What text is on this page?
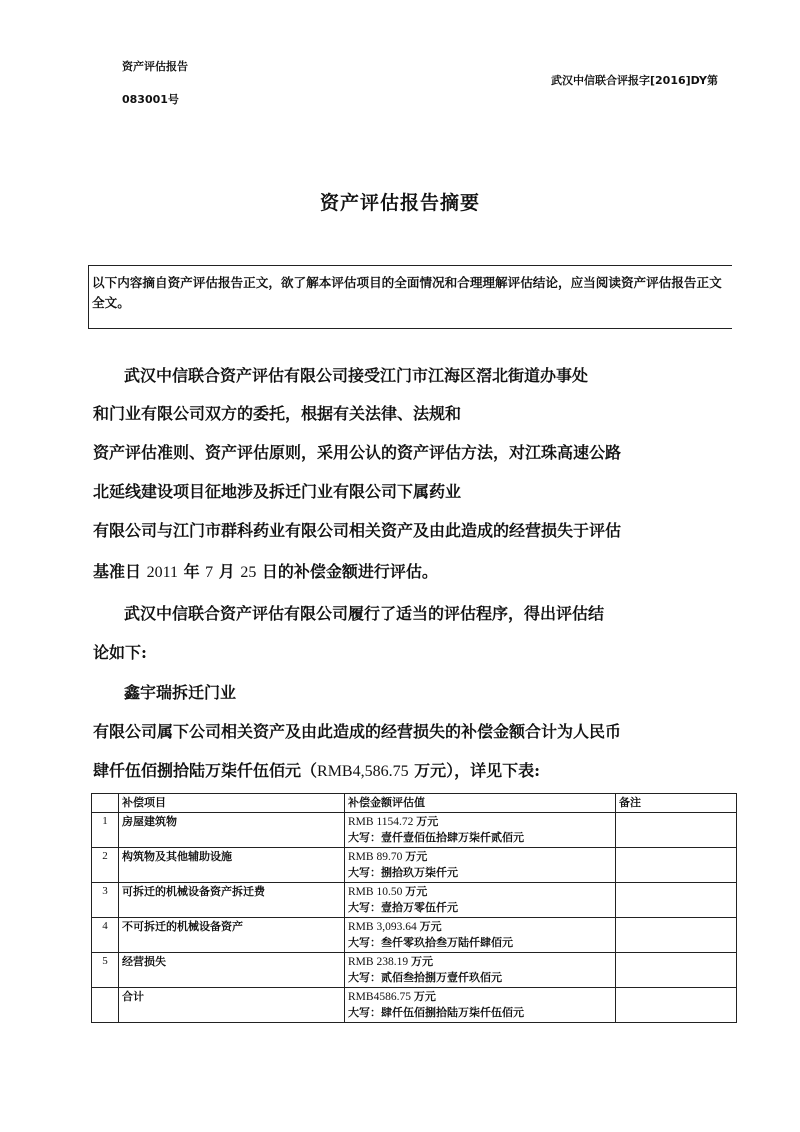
资产评估报告
083001号
武汉中信联合评报字[2016]DY第
资产评估报告摘要
以下内容摘自资产评估报告正文，欲了解本评估项目的全面情况和合理理解评估结论，应当阅读资产评估报告正文全文。
武汉中信联合资产评估有限公司接受江门市江海区滘北街道办事处
和门业有限公司双方的委托，根据有关法律、法规和
资产评估准则、资产评估原则，采用公认的资产评估方法，对江珠高速公路
北延线建设项目征地涉及拆迁门业有限公司下属药业
有限公司与江门市群科药业有限公司相关资产及由此造成的经营损失于评估
基准日 2011 年 7 月 25 日的补偿金额进行评估。
武汉中信联合资产评估有限公司履行了适当的评估程序，得出评估结
论如下:
鑫宇瑞拆迁门业
有限公司属下公司相关资产及由此造成的经营损失的补偿金额合计为人民币
肆仟伍佰捌拾陆万柒仟伍佰元（RMB4,586.75 万元），详见下表:
	补偿项目	补偿金额评估值	备注
1	房屋建筑物	RMB 1154.72 万元
大写：壹仟壹佰伍拾肆万柒仟贰佰元	
2	构筑物及其他辅助设施	RMB 89.70 万元
大写：捌拾玖万柒仟元	
3	可拆迁的机械设备资产拆迁费	RMB 10.50 万元
大写：壹拾万零伍仟元	
4	不可拆迁的机械设备资产	RMB 3,093.64 万元
大写：叁仟零玖拾叁万陆仟肆佰元	
5	经营损失	RMB 238.19 万元
大写：贰佰叁拾捌万壹仟玖佰元	
	合计	RMB4586.75 万元
大写：肆仟伍佰捌拾陆万柒仟伍佰元	
